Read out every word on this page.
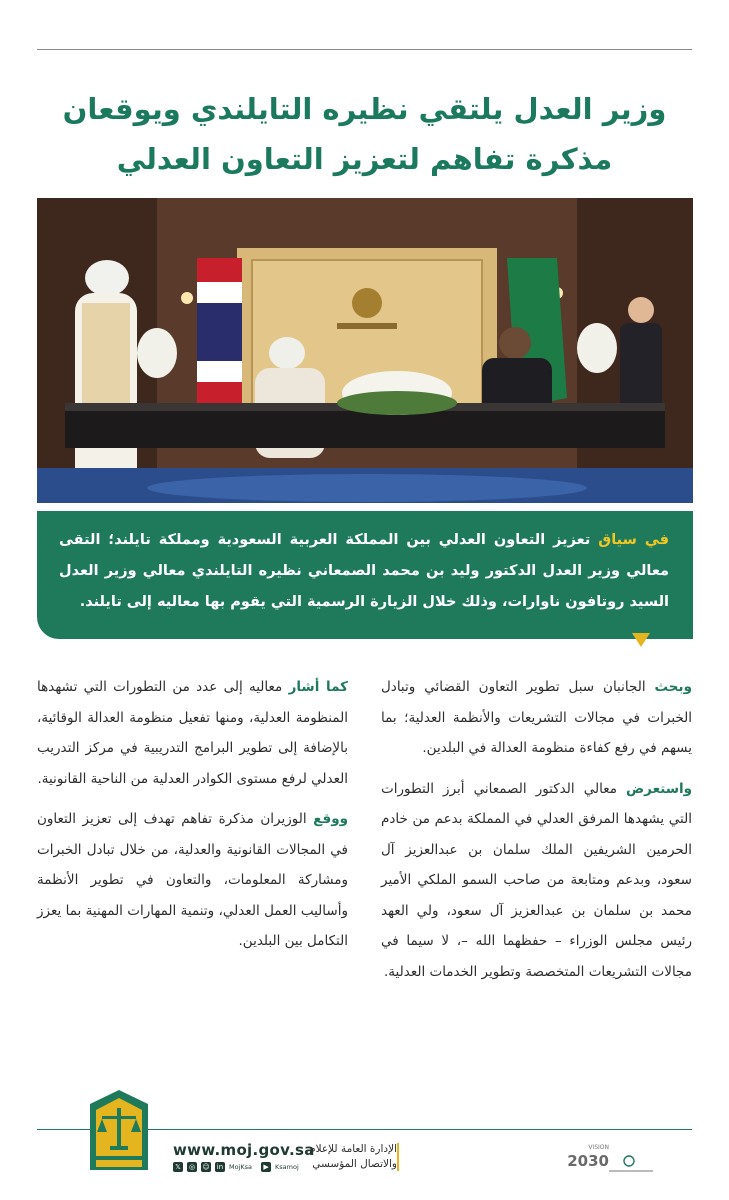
وزير العدل يلتقي نظيره التايلندي ويوقعان
مذكرة تفاهم لتعزيز التعاون العدلي
في سياق تعزيز التعاون العدلي بين المملكة العربية السعودية ومملكة تايلند؛ التقى معالي وزير العدل الدكتور وليد بن محمد الصمعاني نظيره التايلندي معالي وزير العدل السيد روتافون ناوارات، وذلك خلال الزيارة الرسمية التي يقوم بها معاليه إلى تايلند.

وبحث الجانبان سبل تطوير التعاون القضائي وتبادل الخبرات في مجالات التشريعات والأنظمة العدلية؛ بما يسهم في رفع كفاءة منظومة العدالة في البلدين.

واستعرض معالي الدكتور الصمعاني أبرز التطورات التي يشهدها المرفق العدلي في المملكة بدعم من خادم الحرمين الشريفين الملك سلمان بن عبدالعزيز آل سعود، وبدعم ومتابعة من صاحب السمو الملكي الأمير محمد بن سلمان بن عبدالعزيز آل سعود، ولي العهد رئيس مجلس الوزراء – حفظهما الله –، لا سيما في مجالات التشريعات المتخصصة وتطوير الخدمات العدلية.

كما أشار معاليه إلى عدد من التطورات التي تشهدها المنظومة العدلية، ومنها تفعيل منظومة العدالة الوقائية، بالإضافة إلى تطوير البرامج التدريبية في مركز التدريب العدلي لرفع مستوى الكوادر العدلية من الناحية القانونية.

ووقع الوزيران مذكرة تفاهم تهدف إلى تعزيز التعاون في المجالات القانونية والعدلية، من خلال تبادل الخبرات ومشاركة المعلومات، والتعاون في تطوير الأنظمة وأساليب العمل العدلي، وتنمية المهارات المهنية بما يعزز التكامل بين البلدين.

www.moj.gov.sa
𝕏	◎ ☺ in MojKsa	▶ Ksamoj
الإدارة العامة للإعلام
والاتصال المؤسسي
VISION
2030
